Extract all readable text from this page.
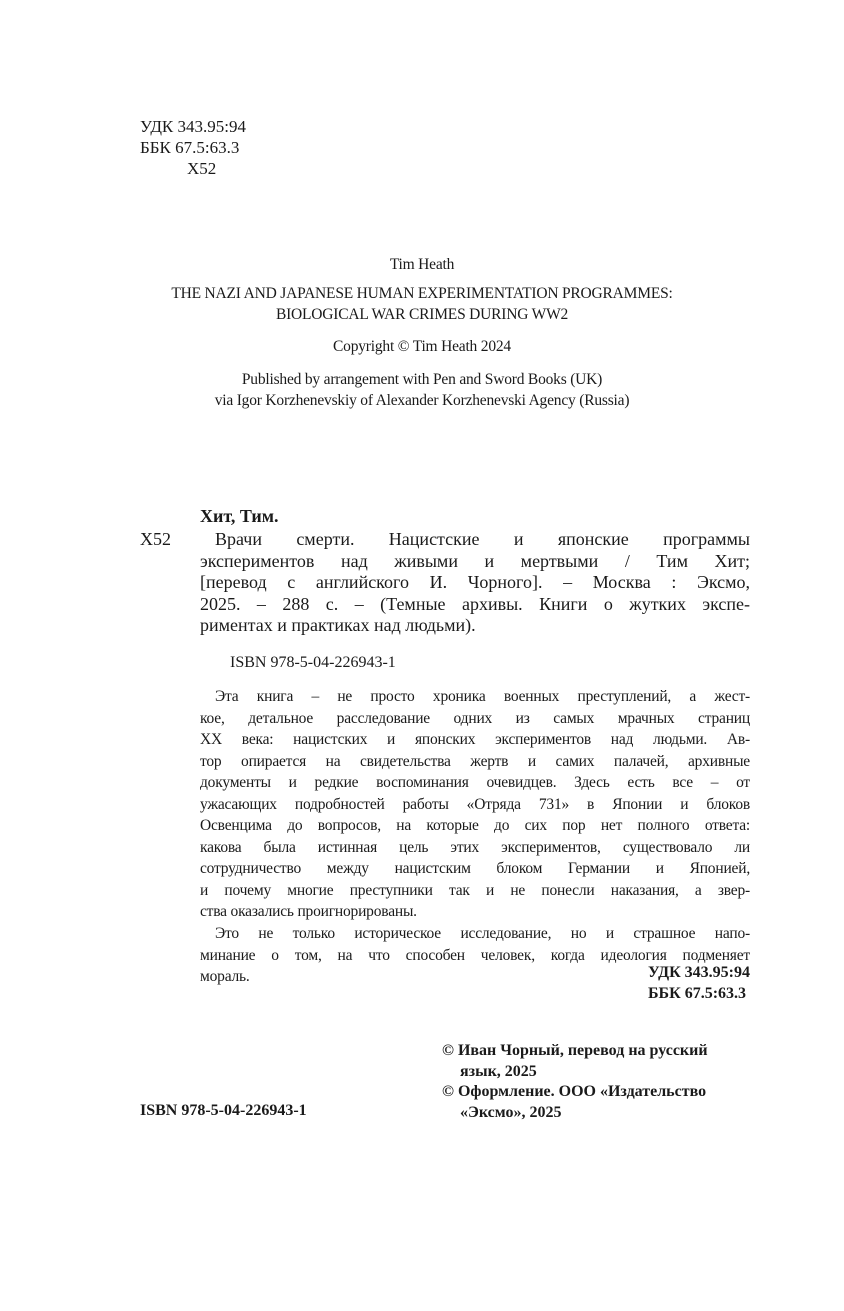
УДК 343.95:94
ББК 67.5:63.3
Х52
Tim Heath
THE NAZI AND JAPANESE HUMAN EXPERIMENTATION PROGRAMMES:
BIOLOGICAL WAR CRIMES DURING WW2
Copyright © Tim Heath 2024
Published by arrangement with Pen and Sword Books (UK)
via Igor Korzhenevskiy of Alexander Korzhenevski Agency (Russia)
Хит, Тим.
Х52	Врачи смерти. Нацистские и японские программы
экспериментов над живыми и мертвыми / Тим Хит;
[перевод с английского И. Чорного]. – Москва : Эксмо,
2025. – 288 с. – (Темные архивы. Книги о жутких экспе-
риментах и практиках над людьми).
ISBN 978-5-04-226943-1
Эта книга – не просто хроника военных преступлений, а жест-
кое, детальное расследование одних из самых мрачных страниц
XX века: нацистских и японских экспериментов над людьми. Ав-
тор опирается на свидетельства жертв и самих палачей, архивные
документы и редкие воспоминания очевидцев. Здесь есть все – от
ужасающих подробностей работы «Отряда 731» в Японии и блоков
Освенцима до вопросов, на которые до сих пор нет полного ответа:
какова была истинная цель этих экспериментов, существовало ли
сотрудничество между нацистским блоком Германии и Японией,
и почему многие преступники так и не понесли наказания, а звер-
ства оказались проигнорированы.
Это не только историческое исследование, но и страшное напо-
минание о том, на что способен человек, когда идеология подменяет
мораль.	УДК 343.95:94
ББК 67.5:63.3
© Иван Чорный, перевод на русский
язык, 2025
© Оформление. ООО «Издательство
«Эксмо», 2025
ISBN 978-5-04-226943-1
